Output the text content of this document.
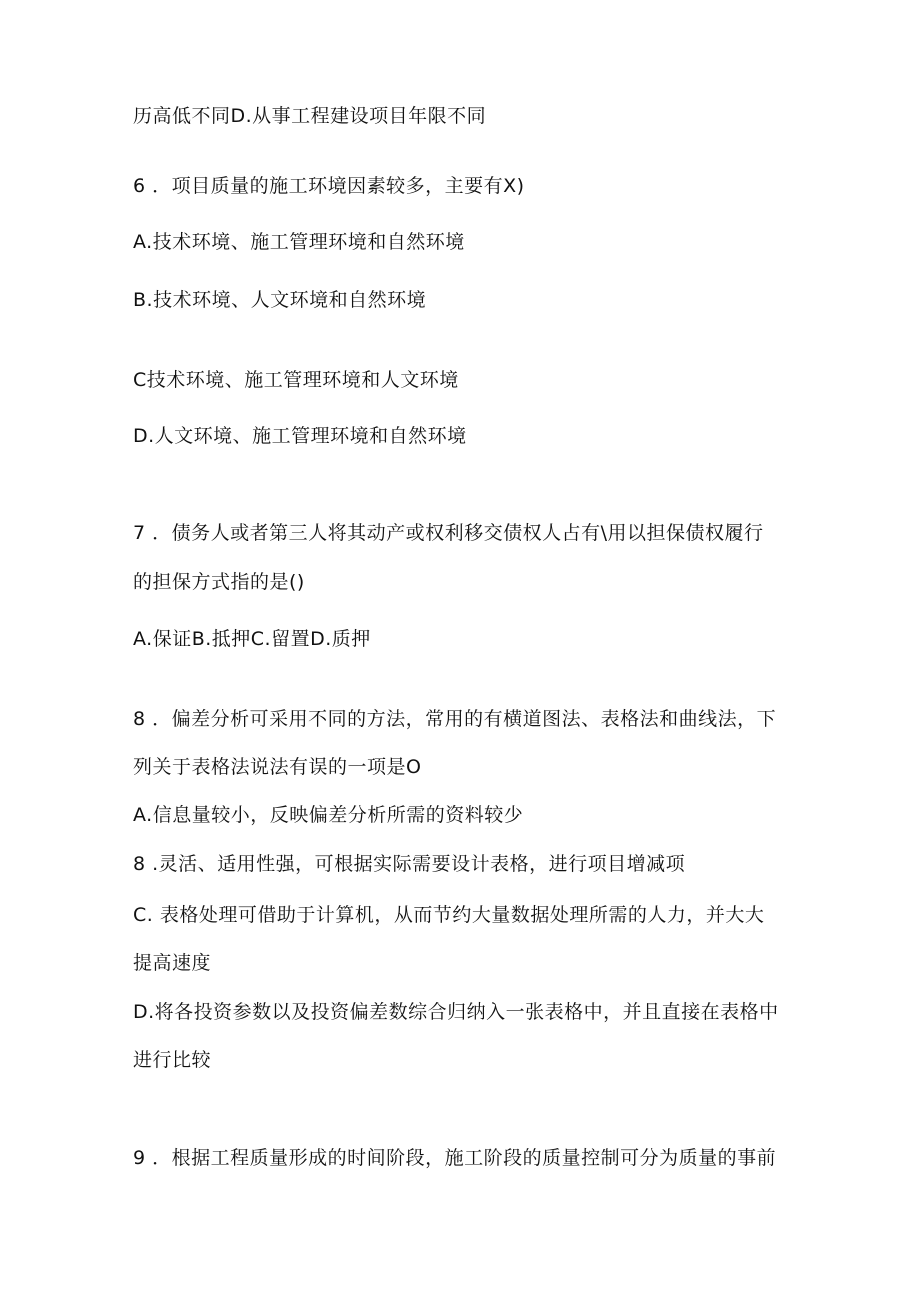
历高低不同D.从事工程建设项目年限不同
6 ．项目质量的施工环境因素较多，主要有X)
A.技术环境、施工管理环境和自然环境
B.技术环境、人文环境和自然环境
C技术环境、施工管理环境和人文环境
D.人文环境、施工管理环境和自然环境
7 ．债务人或者第三人将其动产或权利移交债权人占有\用以担保债权履行
的担保方式指的是()
A.保证B.抵押C.留置D.质押
8 ．偏差分析可采用不同的方法，常用的有横道图法、表格法和曲线法，下
列关于表格法说法有误的一项是O
A.信息量较小，反映偏差分析所需的资料较少
8 .灵活、适用性强，可根据实际需要设计表格，进行项目增减项
C. 表格处理可借助于计算机，从而节约大量数据处理所需的人力，并大大
提高速度
D.将各投资参数以及投资偏差数综合归纳入一张表格中，并且直接在表格中
进行比较
9 ．根据工程质量形成的时间阶段，施工阶段的质量控制可分为质量的事前
